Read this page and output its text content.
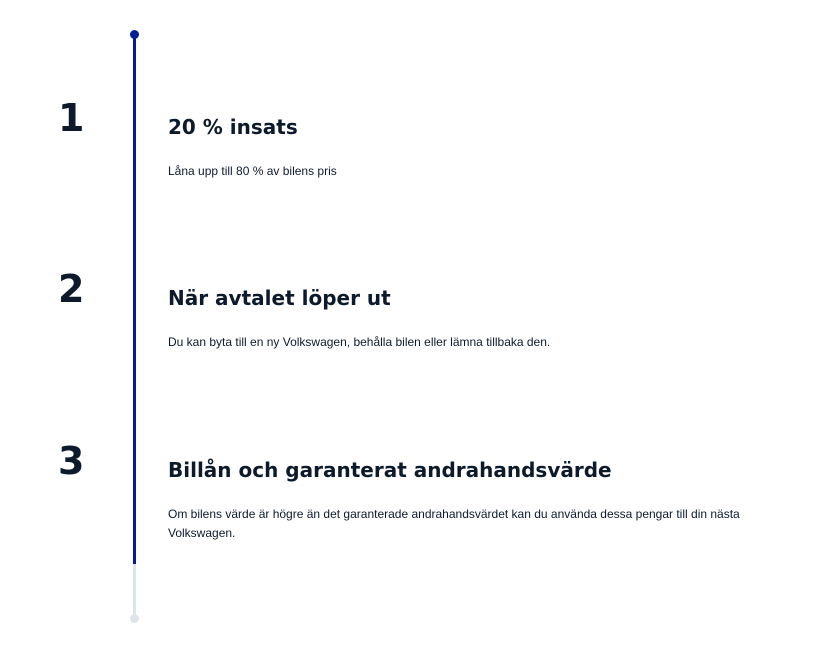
1	20 % insats

Låna upp till 80 % av bilens pris

2	När avtalet löper ut

Du kan byta till en ny Volkswagen, behålla bilen eller lämna tillbaka den.

3	Billån och garanterat andrahandsvärde

Om bilens värde är högre än det garanterade andrahandsvärdet kan du använda dessa pengar till din nästa Volkswagen.
